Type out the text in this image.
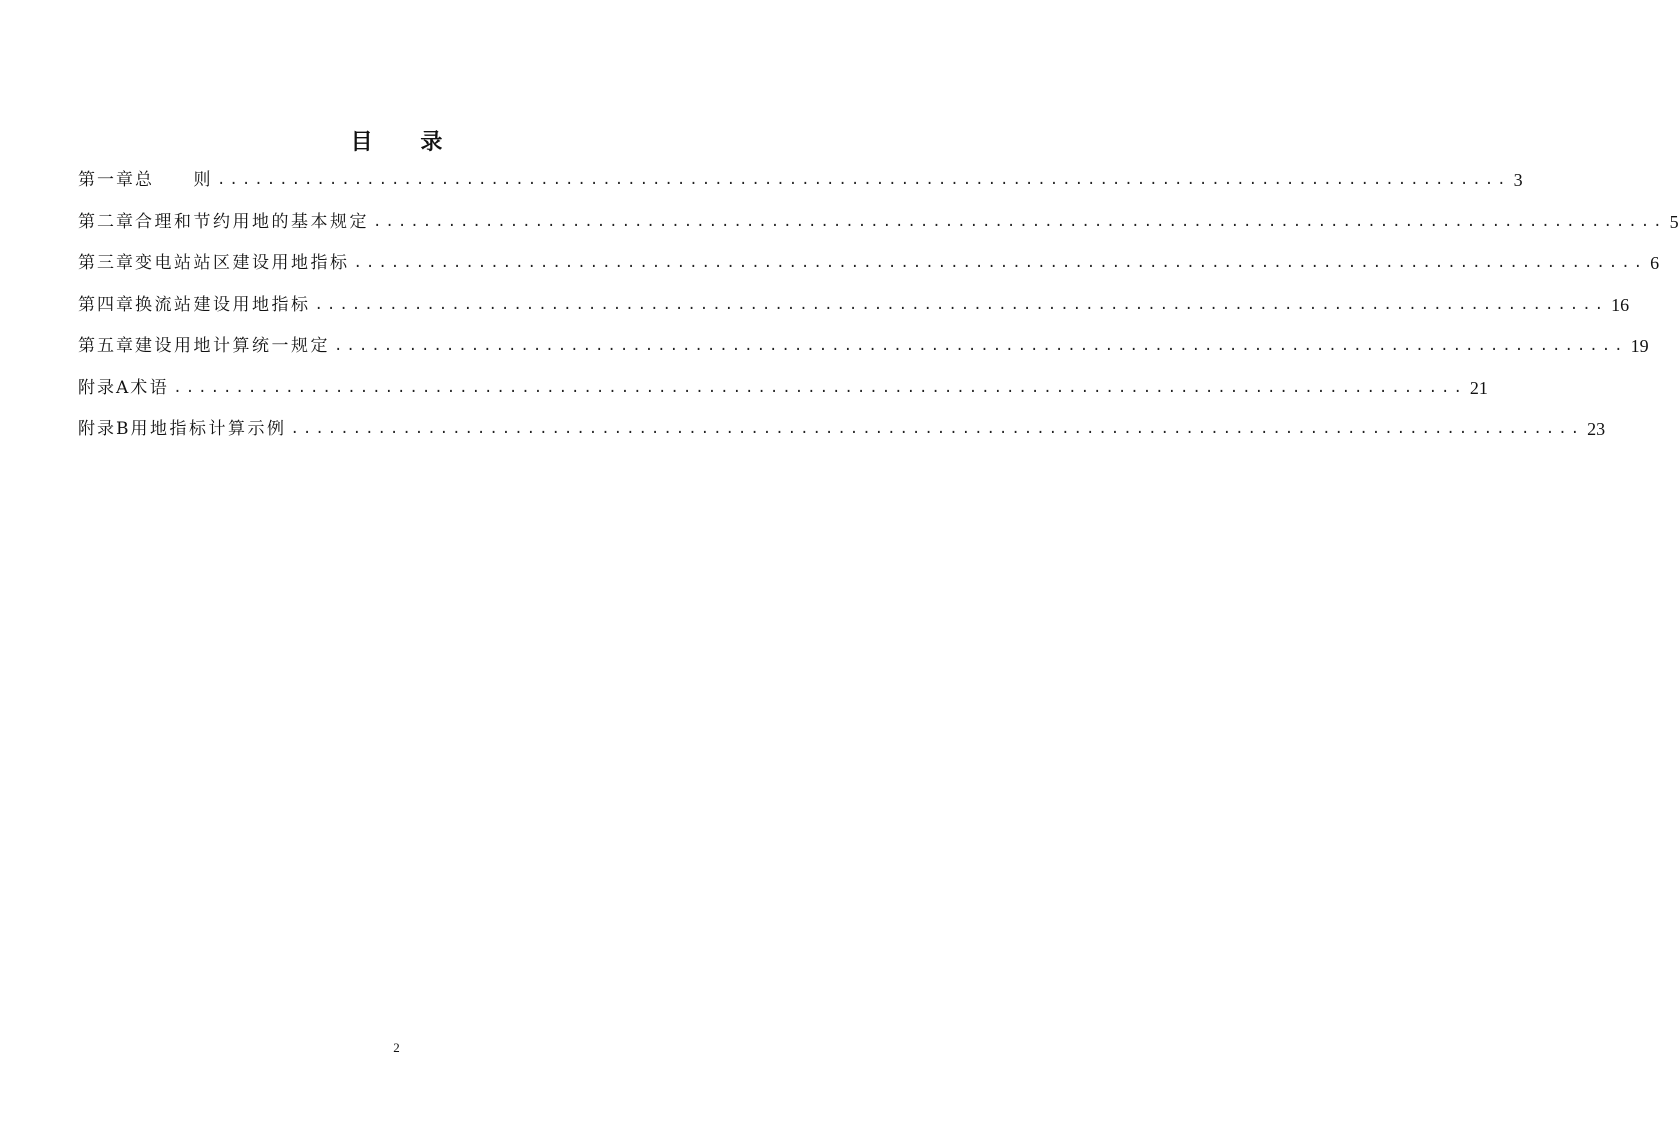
目 录
第一章 总　　则 ........................................................................................................ 3
第二章 合理和节约用地的基本规定 ........................................................................................................ 5
第三章 变电站站区建设用地指标 ........................................................................................................ 6
第四章 换流站建设用地指标 ........................................................................................................ 16
第五章 建设用地计算统一规定 ........................................................................................................ 19
附录A 术语 ........................................................................................................ 21
附录B 用地指标计算示例 ........................................................................................................ 23
2
